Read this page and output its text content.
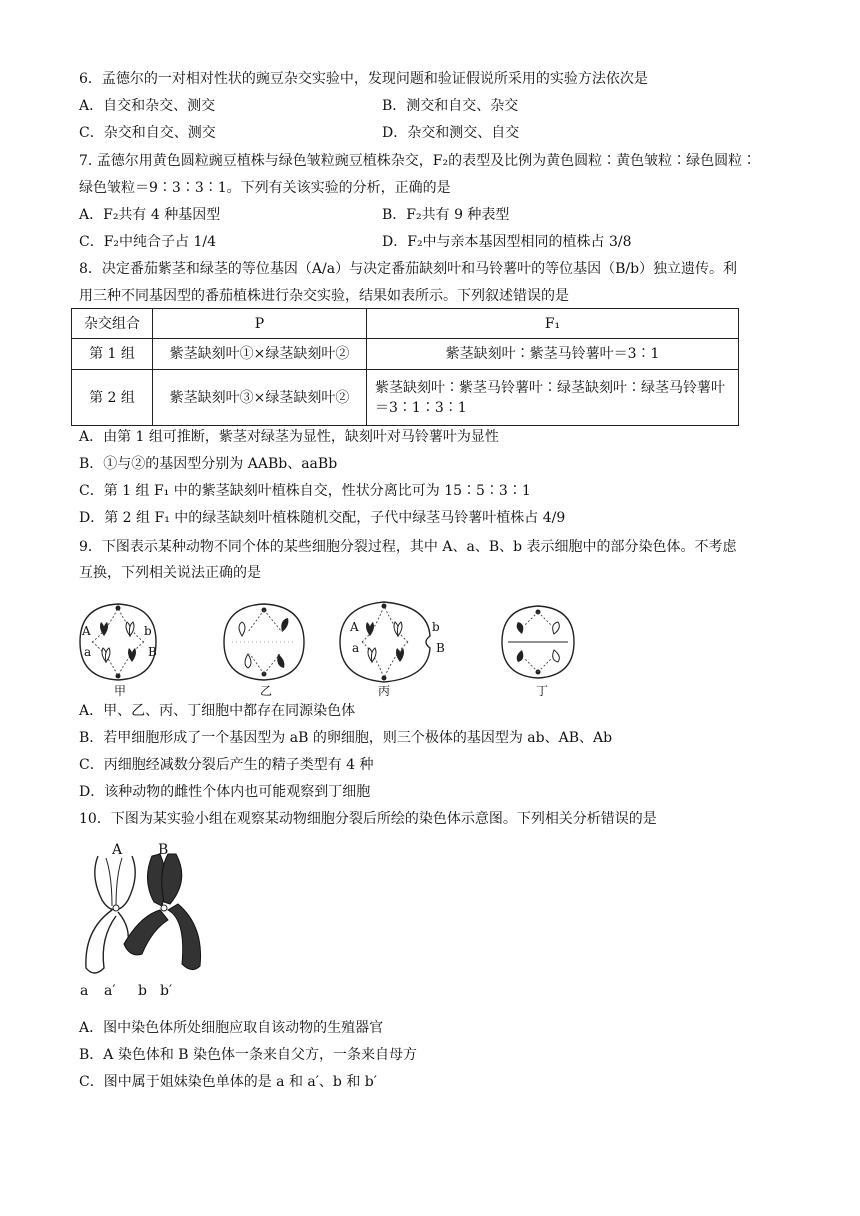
6．孟德尔的一对相对性状的豌豆杂交实验中，发现问题和验证假说所采用的实验方法依次是
A．自交和杂交、测交	B．测交和自交、杂交
C．杂交和自交、测交	D．杂交和测交、自交
7. 孟德尔用黄色圆粒豌豆植株与绿色皱粒豌豆植株杂交，F₂的表型及比例为黄色圆粒∶黄色皱粒∶绿色圆粒∶
绿色皱粒＝9∶3∶3∶1。下列有关该实验的分析，正确的是
A．F₂共有 4 种基因型	B．F₂共有 9 种表型
C．F₂中纯合子占 1/4	D．F₂中与亲本基因型相同的植株占 3/8
8．决定番茄紫茎和绿茎的等位基因（A/a）与决定番茄缺刻叶和马铃薯叶的等位基因（B/b）独立遗传。利
用三种不同基因型的番茄植株进行杂交实验，结果如表所示。下列叙述错误的是
杂交组合	P	F₁
第 1 组	紫茎缺刻叶①×绿茎缺刻叶②	紫茎缺刻叶∶紫茎马铃薯叶＝3∶1
第 2 组	紫茎缺刻叶③×绿茎缺刻叶②	紫茎缺刻叶∶紫茎马铃薯叶∶绿茎缺刻叶∶绿茎马铃薯叶
＝3∶1∶3∶1
A．由第 1 组可推断，紫茎对绿茎为显性，缺刻叶对马铃薯叶为显性
B．①与②的基因型分别为 AABb、aaBb
C．第 1 组 F₁ 中的紫茎缺刻叶植株自交，性状分离比可为 15∶5∶3∶1
D．第 2 组 F₁ 中的绿茎缺刻叶植株随机交配，子代中绿茎马铃薯叶植株占 4/9
9．下图表示某种动物不同个体的某些细胞分裂过程，其中 A、a、B、b 表示细胞中的部分染色体。不考虑
互换，下列相关说法正确的是
A
a
b
B
A
a
b
B
甲	乙	丙	丁
A．甲、乙、丙、丁细胞中都存在同源染色体
B．若甲细胞形成了一个基因型为 aB 的卵细胞，则三个极体的基因型为 ab、AB、Ab
C．丙细胞经减数分裂后产生的精子类型有 4 种
D．该种动物的雌性个体内也可能观察到丁细胞
10．下图为某实验小组在观察某动物细胞分裂后所绘的染色体示意图。下列相关分析错误的是
A	B
a a′ b b′
A．图中染色体所处细胞应取自该动物的生殖器官
B．A 染色体和 B 染色体一条来自父方，一条来自母方
C．图中属于姐妹染色单体的是 a 和 a′、b 和 b′
